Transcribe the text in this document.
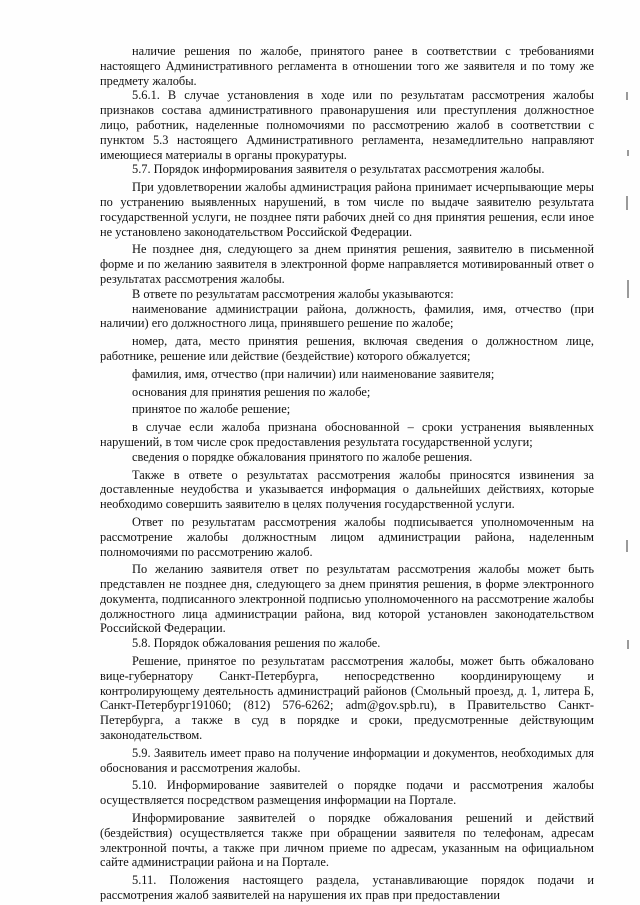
наличие решения по жалобе, принятого ранее в соответствии с требованиями настоящего Административного регламента в отношении того же заявителя и по тому же предмету жалобы.

5.6.1. В случае установления в ходе или по результатам рассмотрения жалобы признаков состава административного правонарушения или преступления должностное лицо, работник, наделенные полномочиями по рассмотрению жалоб в соответствии с пунктом 5.3 настоящего Административного регламента, незамедлительно направляют имеющиеся материалы в органы прокуратуры.

5.7. Порядок информирования заявителя о результатах рассмотрения жалобы.

При удовлетворении жалобы администрация района принимает исчерпывающие меры по устранению выявленных нарушений, в том числе по выдаче заявителю результата государственной услуги, не позднее пяти рабочих дней со дня принятия решения, если иное не установлено законодательством Российской Федерации.

Не позднее дня, следующего за днем принятия решения, заявителю в письменной форме и по желанию заявителя в электронной форме направляется мотивированный ответ о результатах рассмотрения жалобы.

В ответе по результатам рассмотрения жалобы указываются:

наименование администрации района, должность, фамилия, имя, отчество (при наличии) его должностного лица, принявшего решение по жалобе;

номер, дата, место принятия решения, включая сведения о должностном лице, работнике, решение или действие (бездействие) которого обжалуется;

фамилия, имя, отчество (при наличии) или наименование заявителя;

основания для принятия решения по жалобе;

принятое по жалобе решение;

в случае если жалоба признана обоснованной – сроки устранения выявленных нарушений, в том числе срок предоставления результата государственной услуги;

сведения о порядке обжалования принятого по жалобе решения.

Также в ответе о результатах рассмотрения жалобы приносятся извинения за доставленные неудобства и указывается информация о дальнейших действиях, которые необходимо совершить заявителю в целях получения государственной услуги.

Ответ по результатам рассмотрения жалобы подписывается уполномоченным на рассмотрение жалобы должностным лицом администрации района, наделенным полномочиями по рассмотрению жалоб.

По желанию заявителя ответ по результатам рассмотрения жалобы может быть представлен не позднее дня, следующего за днем принятия решения, в форме электронного документа, подписанного электронной подписью уполномоченного на рассмотрение жалобы должностного лица администрации района, вид которой установлен законодательством Российской Федерации.

5.8. Порядок обжалования решения по жалобе.

Решение, принятое по результатам рассмотрения жалобы, может быть обжаловано вице-губернатору Санкт-Петербурга, непосредственно координирующему и контролирующему деятельность администраций районов (Смольный проезд, д. 1, литера Б, Санкт-Петербург191060; (812) 576-6262; adm@gov.spb.ru), в Правительство Санкт-Петербурга, а также в суд в порядке и сроки, предусмотренные действующим законодательством.

5.9. Заявитель имеет право на получение информации и документов, необходимых для обоснования и рассмотрения жалобы.

5.10. Информирование заявителей о порядке подачи и рассмотрения жалобы осуществляется посредством размещения информации на Портале.

Информирование заявителей о порядке обжалования решений и действий (бездействия) осуществляется также при обращении заявителя по телефонам, адресам электронной почты, а также при личном приеме по адресам, указанным на официальном сайте администрации района и на Портале.

5.11. Положения настоящего раздела, устанавливающие порядок подачи и рассмотрения жалоб заявителей на нарушения их прав при предоставлении
